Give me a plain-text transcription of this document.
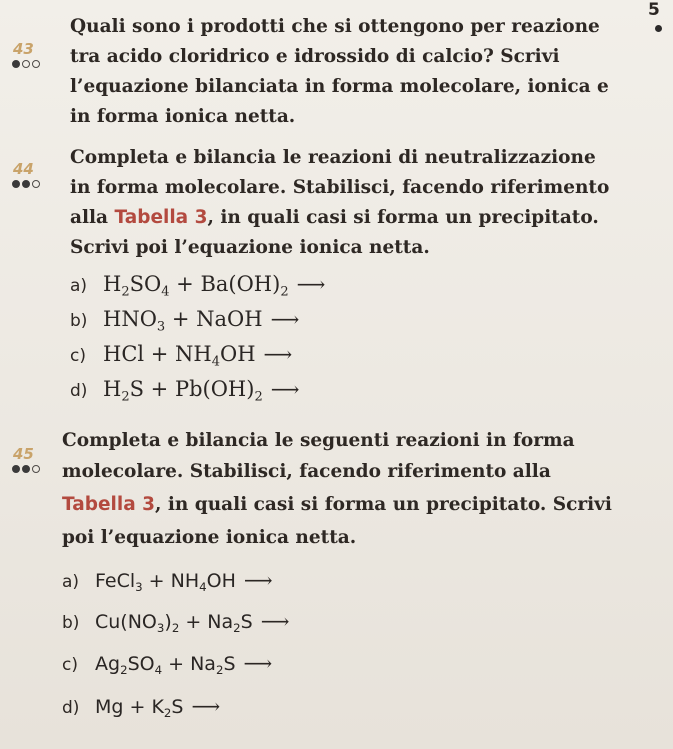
5
43
Quali sono i prodotti che si ottengono per reazione
tra acido cloridrico e idrossido di calcio? Scrivi
l’equazione bilanciata in forma molecolare, ionica e
in forma ionica netta.
44
Completa e bilancia le reazioni di neutralizzazione
in forma molecolare. Stabilisci, facendo riferimento
alla Tabella 3, in quali casi si forma un precipitato.
Scrivi poi l’equazione ionica netta.
a) $H_2SO_4 + Ba(OH)_2$ ⟶
b) $HNO_3$ + NaOH ⟶
c) HCl + $NH_4OH$ ⟶
d) $H_2S + Pb(OH)_2$ ⟶
45
Completa e bilancia le seguenti reazioni in forma
molecolare. Stabilisci, facendo riferimento alla
Tabella 3, in quali casi si forma un precipitato. Scrivi
poi l’equazione ionica netta.
a) FeCl$_3$ + $NH_4OH$ ⟶
b) $Cu(NO_3)_2 + Na_2S$ ⟶
c) $Ag_2SO_4 + Na_2S$ ⟶
d) $Mg + K_2S$ ⟶
